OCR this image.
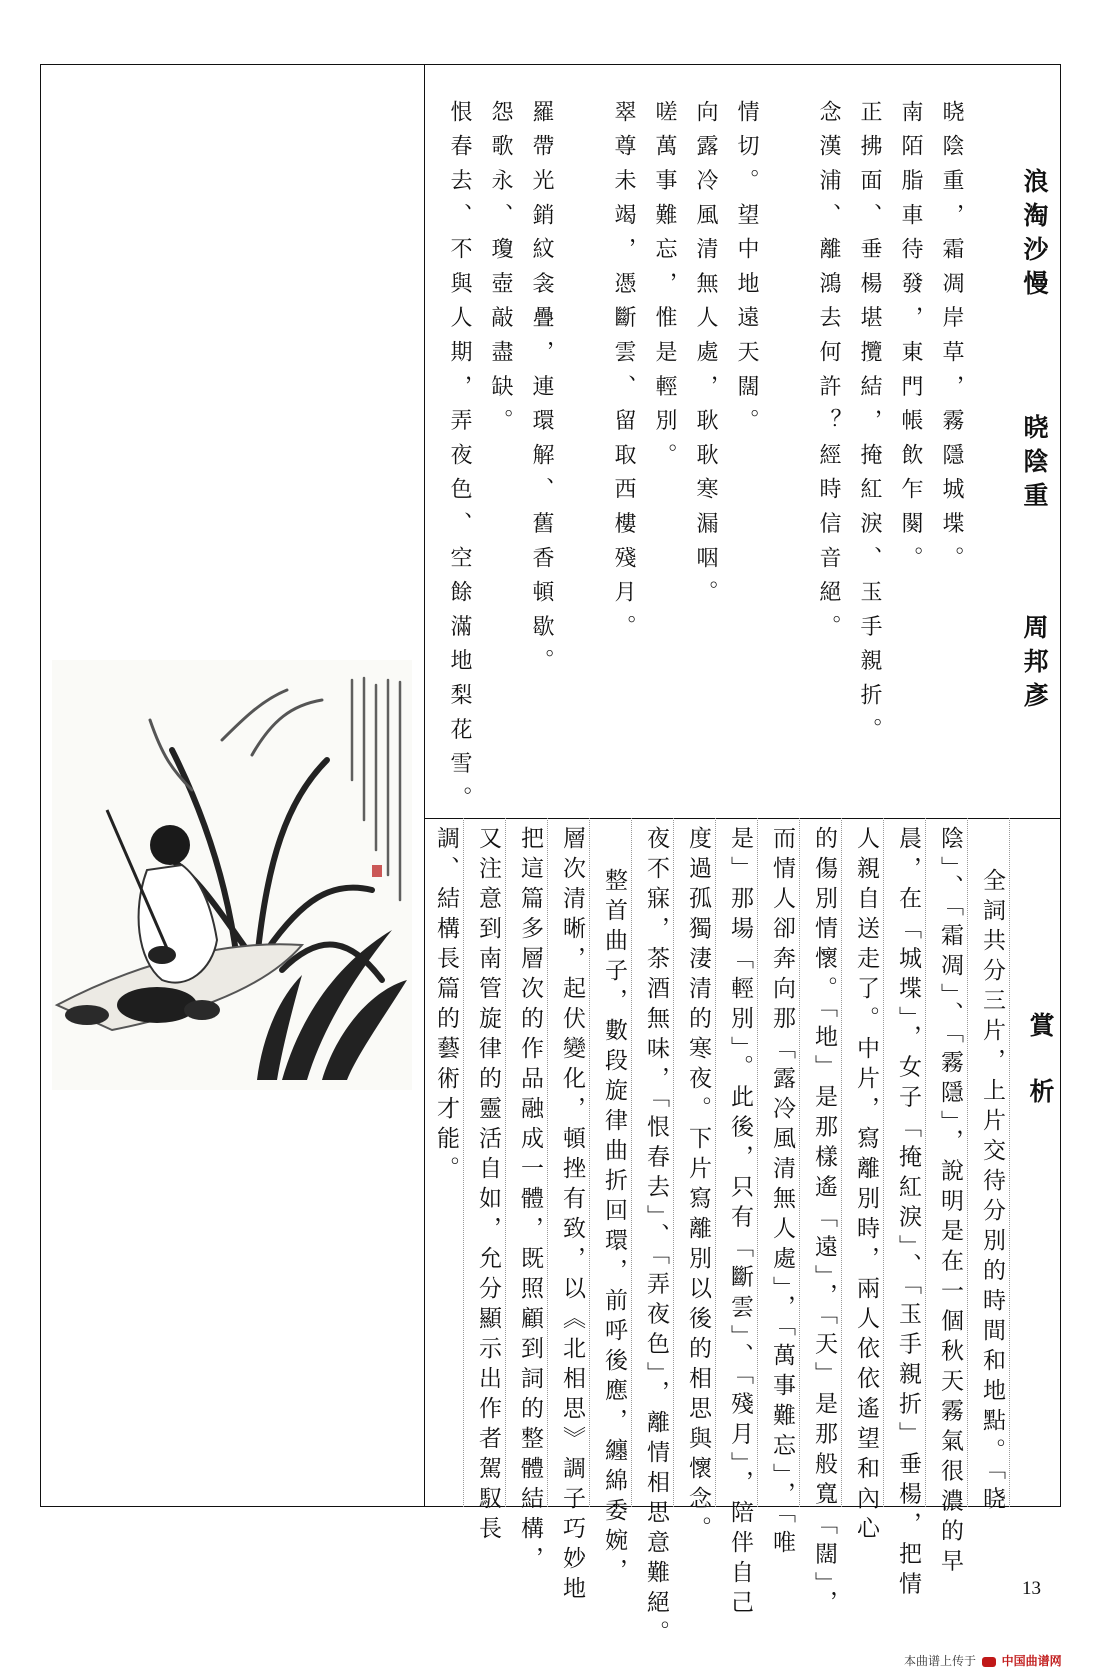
浪淘沙慢
晓陰重
周邦彥
晓陰重，霜凋岸草，霧隱城堞。
南陌脂車待發，東門帳飲乍闋。
正拂面、垂楊堪攬結，掩紅淚、玉手親折。
念漢浦、離鴻去何許？經時信音絕。
情切。望中地遠天闊。
向露冷風清無人處，耿耿寒漏咽。
嗟萬事難忘，惟是輕別。
翠尊未竭，憑斷雲、留取西樓殘月。
羅帶光銷紋衾疊，連環解、舊香頓歇。
怨歌永、瓊壺敲盡缺。
恨春去、不與人期，弄夜色、空餘滿地梨花雪。
賞　析
全詞共分三片，上片交待分別的時間和地點。「晓
陰」、「霜凋」、「霧隱」，說明是在一個秋天霧氣很濃的早
晨，在「城堞」，女子「掩紅淚」、「玉手親折」垂楊，把情
人親自送走了。中片，寫離別時，兩人依依遙望和內心
的傷別情懷。「地」是那樣遙「遠」，「天」是那般寬「闊」，
而情人卻奔向那「露冷風清無人處」，「萬事難忘」，「唯
是」那場「輕別」。此後，只有「斷雲」、「殘月」，陪伴自己
度過孤獨淒清的寒夜。下片寫離別以後的相思與懷念。
夜不寐，茶酒無味，「恨春去」、「弄夜色」，離情相思意難絕。
整首曲子，數段旋律曲折回環，前呼後應，纏綿委婉，
層次清晰，起伏變化，頓挫有致，以《北相思》調子巧妙地
把這篇多層次的作品融成一體，既照顧到詞的整體結構，
又注意到南管旋律的靈活自如，允分顯示出作者駕馭長
調、結構長篇的藝術才能。
13
本曲谱上传于 中国曲谱网
